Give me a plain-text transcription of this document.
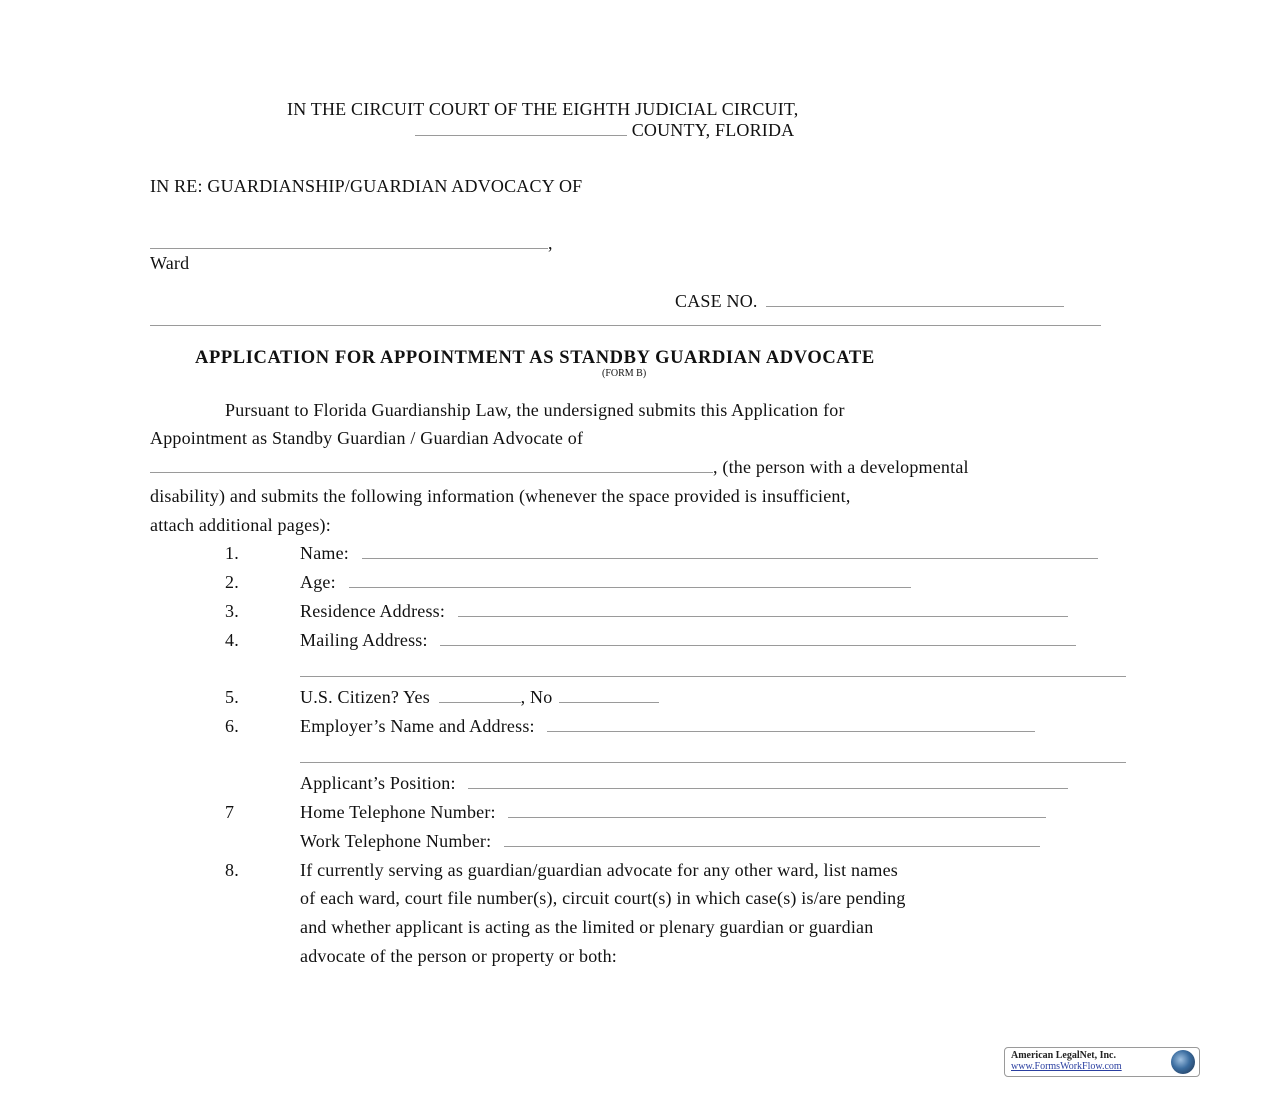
IN THE CIRCUIT COURT OF THE EIGHTH JUDICIAL CIRCUIT,
COUNTY, FLORIDA
IN RE: GUARDIANSHIP/GUARDIAN ADVOCACY OF
,
Ward
CASE NO.
APPLICATION FOR APPOINTMENT AS STANDBY GUARDIAN ADVOCATE
(FORM B)
Pursuant to Florida Guardianship Law, the undersigned submits this Application for
Appointment as Standby Guardian / Guardian Advocate of
, (the person with a developmental
disability) and submits the following information (whenever the space provided is insufficient,
attach additional pages):
1.	Name:
2.	Age:
3.	Residence Address:
4.	Mailing Address:
5.	U.S. Citizen? Yes	, No
6.	Employer’s Name and Address:
Applicant’s Position:
7	Home Telephone Number:
Work Telephone Number:
8.	If currently serving as guardian/guardian advocate for any other ward, list names
of each ward, court file number(s), circuit court(s) in which case(s) is/are pending
and whether applicant is acting as the limited or plenary guardian or guardian
advocate of the person or property or both:
American LegalNet, Inc.
www.FormsWorkFlow.com
